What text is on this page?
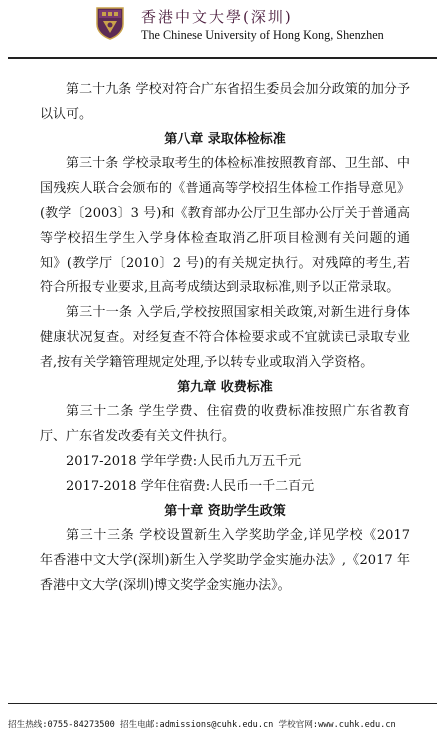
香港中文大學(深圳)
The Chinese University of Hong Kong, Shenzhen

第二十九条 学校对符合广东省招生委员会加分政策的加分予以认可。

第八章 录取体检标准

第三十条 学校录取考生的体检标准按照教育部、卫生部、中国残疾人联合会颁布的《普通高等学校招生体检工作指导意见》(教学〔2003〕3 号)和《教育部办公厅卫生部办公厅关于普通高等学校招生学生入学身体检查取消乙肝项目检测有关问题的通知》(教学厅〔2010〕2 号)的有关规定执行。对残障的考生,若符合所报专业要求,且高考成绩达到录取标准,则予以正常录取。

第三十一条 入学后,学校按照国家相关政策,对新生进行身体健康状况复查。对经复查不符合体检要求或不宜就读已录取专业者,按有关学籍管理规定处理,予以转专业或取消入学资格。

第九章 收费标准

第三十二条 学生学费、住宿费的收费标准按照广东省教育厅、广东省发改委有关文件执行。

2017-2018 学年学费:人民币九万五千元

2017-2018 学年住宿费:人民币一千二百元

第十章 资助学生政策

第三十三条 学校设置新生入学奖助学金,详见学校《2017 年香港中文大学(深圳)新生入学奖助学金实施办法》,《2017 年香港中文大学(深圳)博文奖学金实施办法》。

招生热线:0755-84273500 招生电邮:admissions@cuhk.edu.cn 学校官网:www.cuhk.edu.cn
